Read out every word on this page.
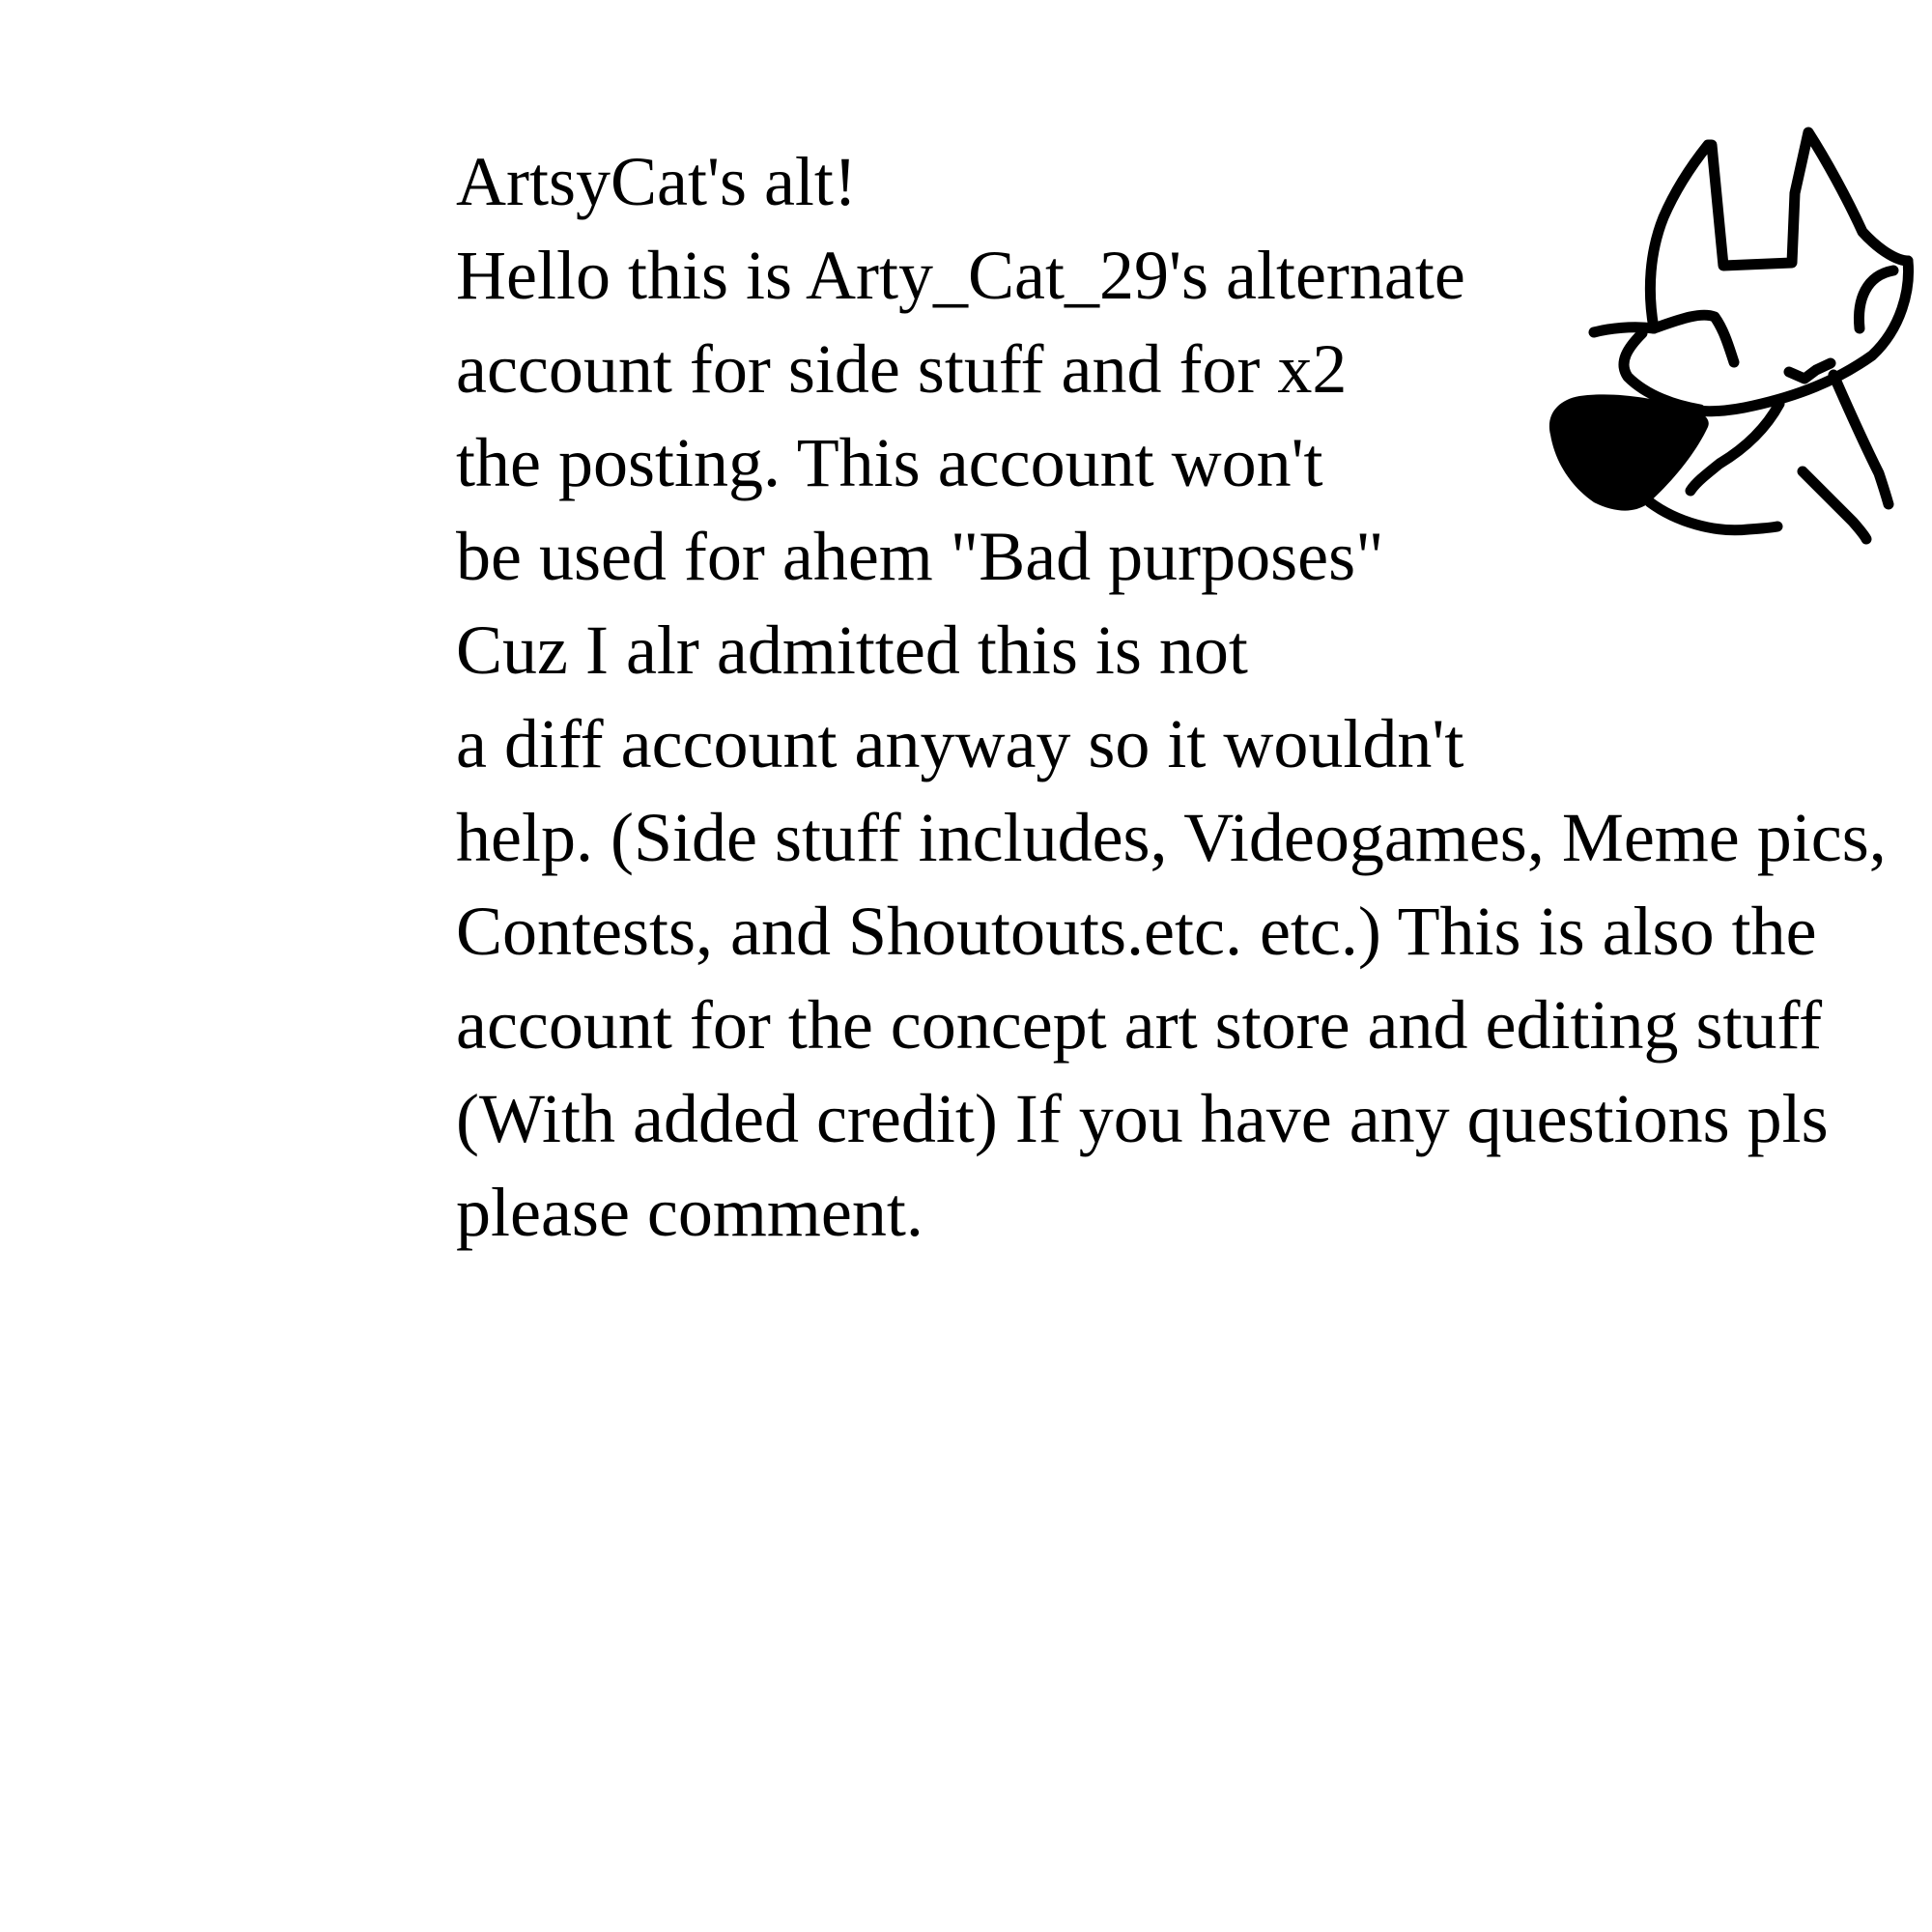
ArtsyCat's alt!
Hello this is Arty_Cat_29's alternate
account for side stuff and for x2
the posting. This account won't
be used for ahem "Bad purposes"
Cuz I alr admitted this is not
a diff account anyway so it wouldn't
help. (Side stuff includes, Videogames, Meme pics,
Contests, and Shoutouts.etc. etc.) This is also the
account for the concept art store and editing stuff
(With added credit) If you have any questions pls
please comment.
